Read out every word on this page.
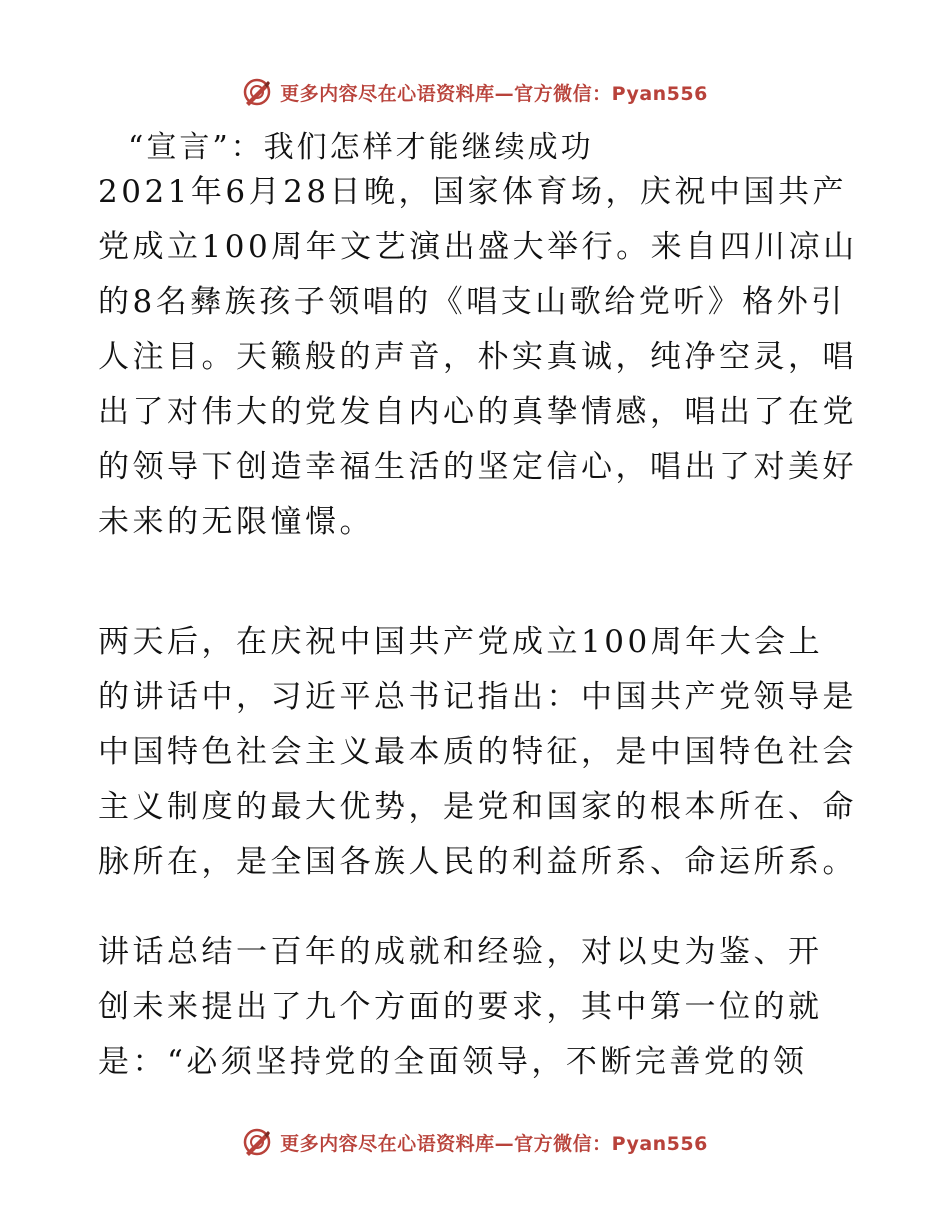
更多内容尽在心语资料库—官方微信：Pyan556
“宣言”：我们怎样才能继续成功

2021年6月28日晚，国家体育场，庆祝中国共产
党成立100周年文艺演出盛大举行。来自四川凉山
的8名彝族孩子领唱的《唱支山歌给党听》格外引
人注目。天籁般的声音，朴实真诚，纯净空灵，唱
出了对伟大的党发自内心的真挚情感，唱出了在党
的领导下创造幸福生活的坚定信心，唱出了对美好
未来的无限憧憬。

两天后，在庆祝中国共产党成立100周年大会上
的讲话中，习近平总书记指出：中国共产党领导是
中国特色社会主义最本质的特征，是中国特色社会
主义制度的最大优势，是党和国家的根本所在、命
脉所在，是全国各族人民的利益所系、命运所系。

讲话总结一百年的成就和经验，对以史为鉴、开
创未来提出了九个方面的要求，其中第一位的就
是：“必须坚持党的全面领导，不断完善党的领

更多内容尽在心语资料库—官方微信：Pyan556
